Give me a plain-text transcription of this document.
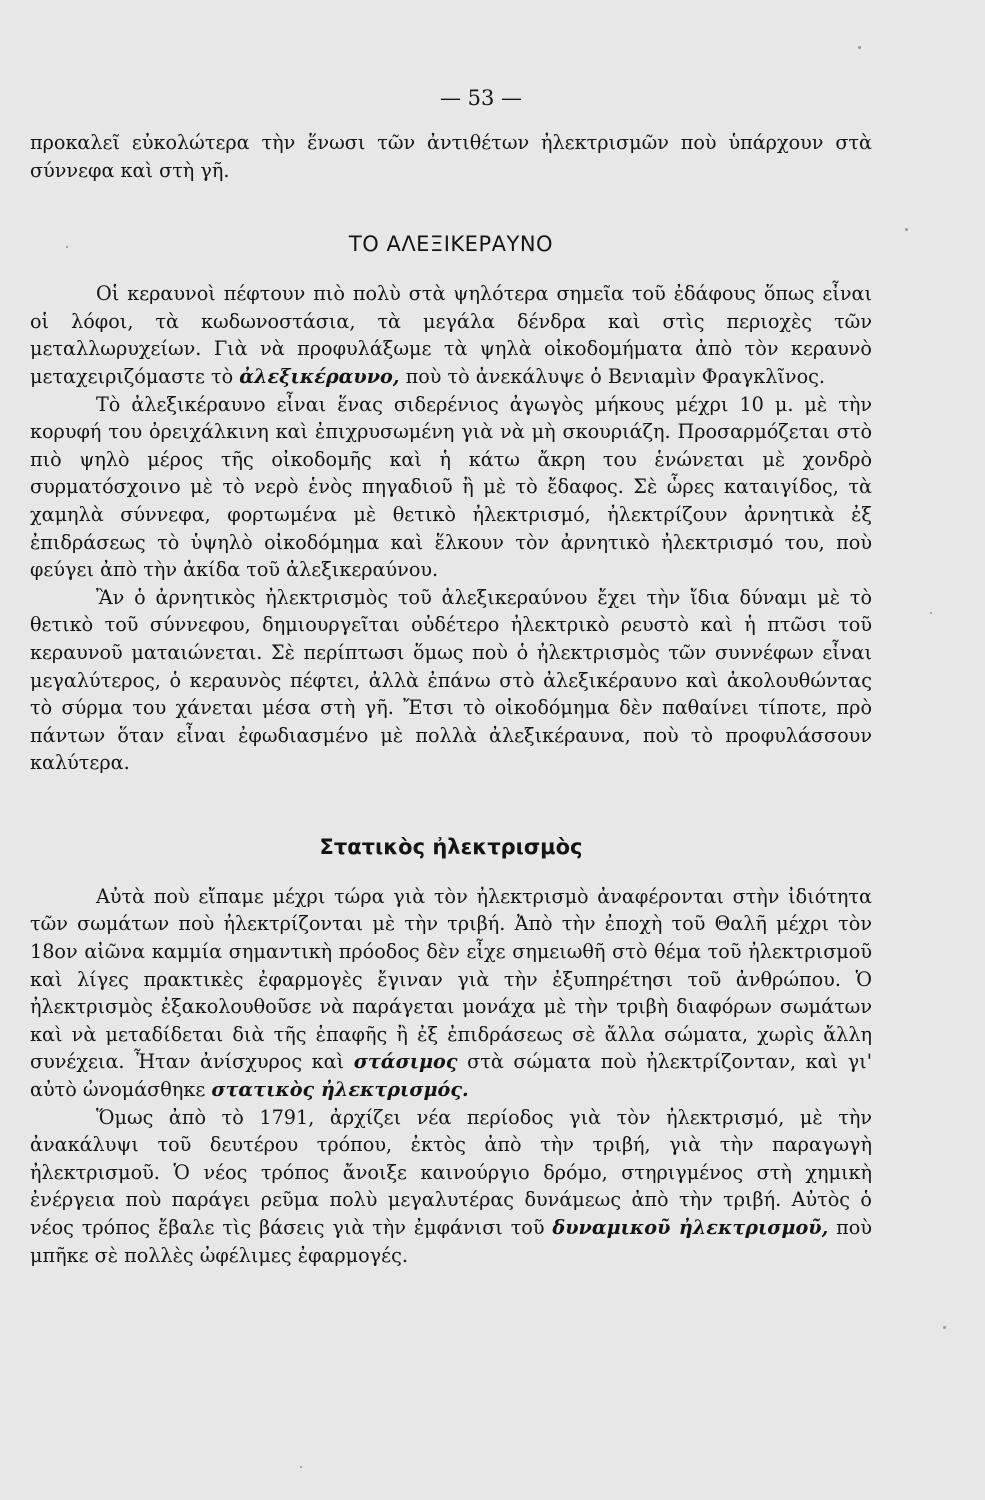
— 53 —

προκαλεῖ εὐκολώτερα τὴν ἕνωσι τῶν ἀντιθέτων ἠλεκτρισμῶν ποὺ ὑπάρχουν στὰ σύννεφα καὶ στὴ γῆ.

ΤΟ ΑΛΕΞΙΚΕΡΑΥΝΟ

Οἱ κεραυνοὶ πέφτουν πιὸ πολὺ στὰ ψηλότερα σημεῖα τοῦ ἐδάφους ὅπως εἶναι οἱ λόφοι, τὰ κωδωνοστάσια, τὰ μεγάλα δένδρα καὶ στὶς περιοχὲς τῶν μεταλλωρυχείων. Γιὰ νὰ προφυλάξωμε τὰ ψηλὰ οἰκοδομήματα ἀπὸ τὸν κεραυνὸ μεταχειριζόμαστε τὸ ἀλεξικέραυνο, ποὺ τὸ ἀνεκάλυψε ὁ Βενιαμὶν Φραγκλῖνος.

Τὸ ἀλεξικέραυνο εἶναι ἕνας σιδερένιος ἀγωγὸς μήκους μέχρι 10 μ. μὲ τὴν κορυφή του ὀρειχάλκινη καὶ ἐπιχρυσωμένη γιὰ νὰ μὴ σκουριάζη. Προσαρμόζεται στὸ πιὸ ψηλὸ μέρος τῆς οἰκοδομῆς καὶ ἡ κάτω ἄκρη του ἑνώνεται μὲ χονδρὸ συρματόσχοινο μὲ τὸ νερὸ ἑνὸς πηγαδιοῦ ἢ μὲ τὸ ἔδαφος. Σὲ ὧρες καταιγίδος, τὰ χαμηλὰ σύννεφα, φορτωμένα μὲ θετικὸ ἠλεκτρισμό, ἠλεκτρίζουν ἀρνητικὰ ἐξ ἐπιδράσεως τὸ ὑψηλὸ οἰκοδόμημα καὶ ἕλκουν τὸν ἀρνητικὸ ἠλεκτρισμό του, ποὺ φεύγει ἀπὸ τὴν ἀκίδα τοῦ ἀλεξικεραύνου.

Ἂν ὁ ἀρνητικὸς ἠλεκτρισμὸς τοῦ ἀλεξικεραύνου ἔχει τὴν ἴδια δύναμι μὲ τὸ θετικὸ τοῦ σύννεφου, δημιουργεῖται οὐδέτερο ἠλεκτρικὸ ρευστὸ καὶ ἡ πτῶσι τοῦ κεραυνοῦ ματαιώνεται. Σὲ περίπτωσι ὅμως ποὺ ὁ ἠλεκτρισμὸς τῶν συννέφων εἶναι μεγαλύτερος, ὁ κεραυνὸς πέφτει, ἀλλὰ ἐπάνω στὸ ἀλεξικέραυνο καὶ ἀκολουθώντας τὸ σύρμα του χάνεται μέσα στὴ γῆ. Ἔτσι τὸ οἰκοδόμημα δὲν παθαίνει τίποτε, πρὸ πάντων ὅταν εἶναι ἐφωδιασμένο μὲ πολλὰ ἀλεξικέραυνα, ποὺ τὸ προφυλάσσουν καλύτερα.

Στατικὸς ἠλεκτρισμὸς

Αὐτὰ ποὺ εἴπαμε μέχρι τώρα γιὰ τὸν ἠλεκτρισμὸ ἀναφέρονται στὴν ἰδιότητα τῶν σωμάτων ποὺ ἠλεκτρίζονται μὲ τὴν τριβή. Ἀπὸ τὴν ἐποχὴ τοῦ Θαλῆ μέχρι τὸν 18ον αἰῶνα καμμία σημαντικὴ πρόοδος δὲν εἶχε σημειωθῆ στὸ θέμα τοῦ ἠλεκτρισμοῦ καὶ λίγες πρακτικὲς ἐφαρμογὲς ἔγιναν γιὰ τὴν ἐξυπηρέτησι τοῦ ἀνθρώπου. Ὁ ἠλεκτρισμὸς ἐξακολουθοῦσε νὰ παράγεται μονάχα μὲ τὴν τριβὴ διαφόρων σωμάτων καὶ νὰ μεταδίδεται διὰ τῆς ἐπαφῆς ἢ ἐξ ἐπιδράσεως σὲ ἄλλα σώματα, χωρὶς ἄλλη συνέχεια. Ἦταν ἀνίσχυρος καὶ στάσιμος στὰ σώματα ποὺ ἠλεκτρίζονταν, καὶ γι' αὐτὸ ὠνομάσθηκε στατικὸς ἠλεκτρισμός.

Ὅμως ἀπὸ τὸ 1791, ἀρχίζει νέα περίοδος γιὰ τὸν ἠλεκτρισμό, μὲ τὴν ἀνακάλυψι τοῦ δευτέρου τρόπου, ἐκτὸς ἀπὸ τὴν τριβή, γιὰ τὴν παραγωγὴ ἠλεκτρισμοῦ. Ὁ νέος τρόπος ἄνοιξε καινούργιο δρόμο, στηριγμένος στὴ χημικὴ ἐνέργεια ποὺ παράγει ρεῦμα πολὺ μεγαλυτέρας δυνάμεως ἀπὸ τὴν τριβή. Αὐτὸς ὁ νέος τρόπος ἔβαλε τὶς βάσεις γιὰ τὴν ἐμφάνισι τοῦ δυναμικοῦ ἠλεκτρισμοῦ, ποὺ μπῆκε σὲ πολλὲς ὠφέλιμες ἐφαρμογές.
